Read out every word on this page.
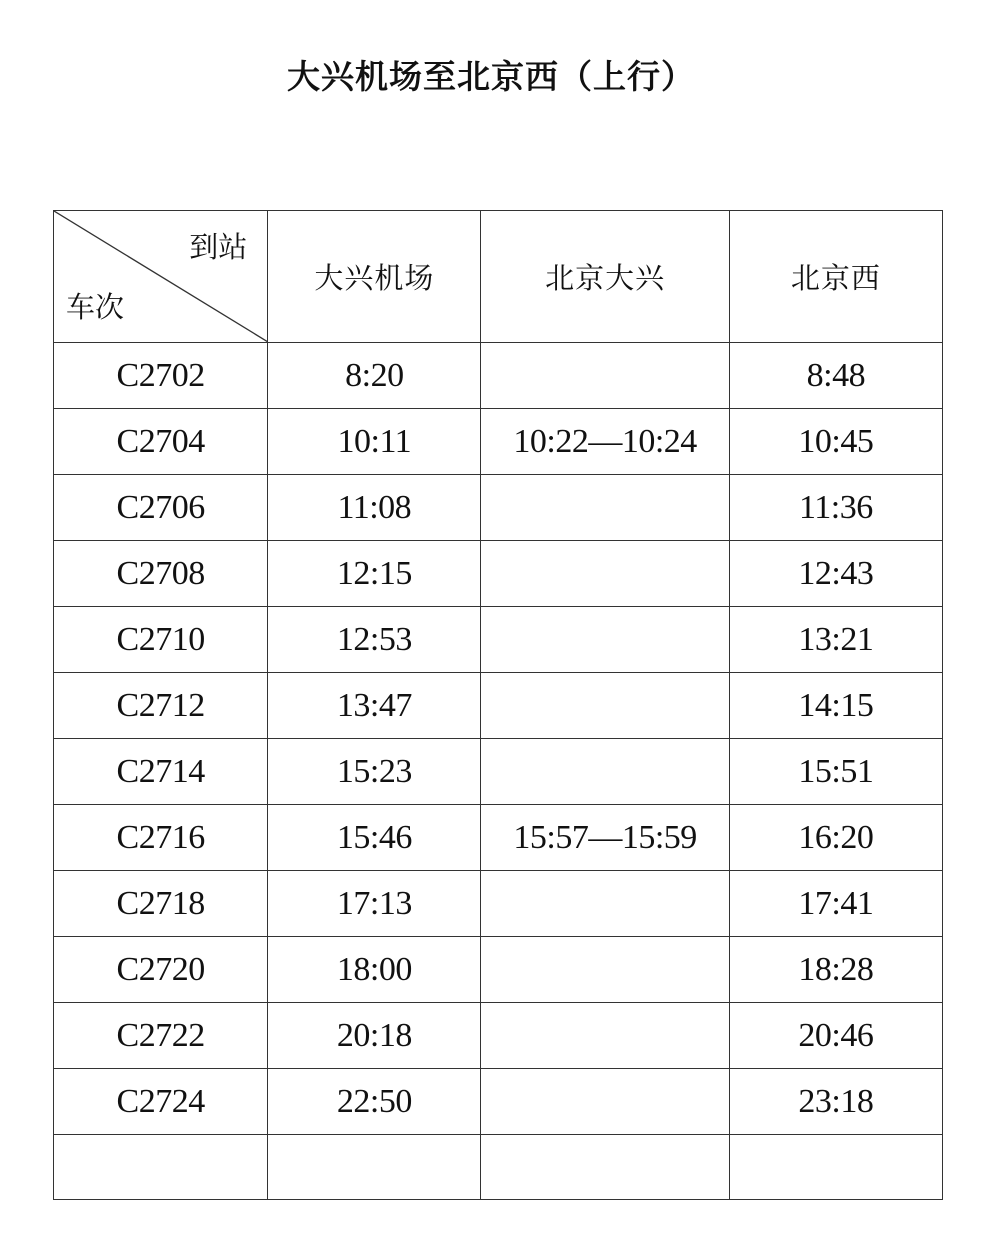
大兴机场至北京西（上行）
到站
车次	大兴机场	北京大兴	北京西
C2702	8:20		8:48
C2704	10:11	10:22—10:24	10:45
C2706	11:08		11:36
C2708	12:15		12:43
C2710	12:53		13:21
C2712	13:47		14:15
C2714	15:23		15:51
C2716	15:46	15:57—15:59	16:20
C2718	17:13		17:41
C2720	18:00		18:28
C2722	20:18		20:46
C2724	22:50		23:18
